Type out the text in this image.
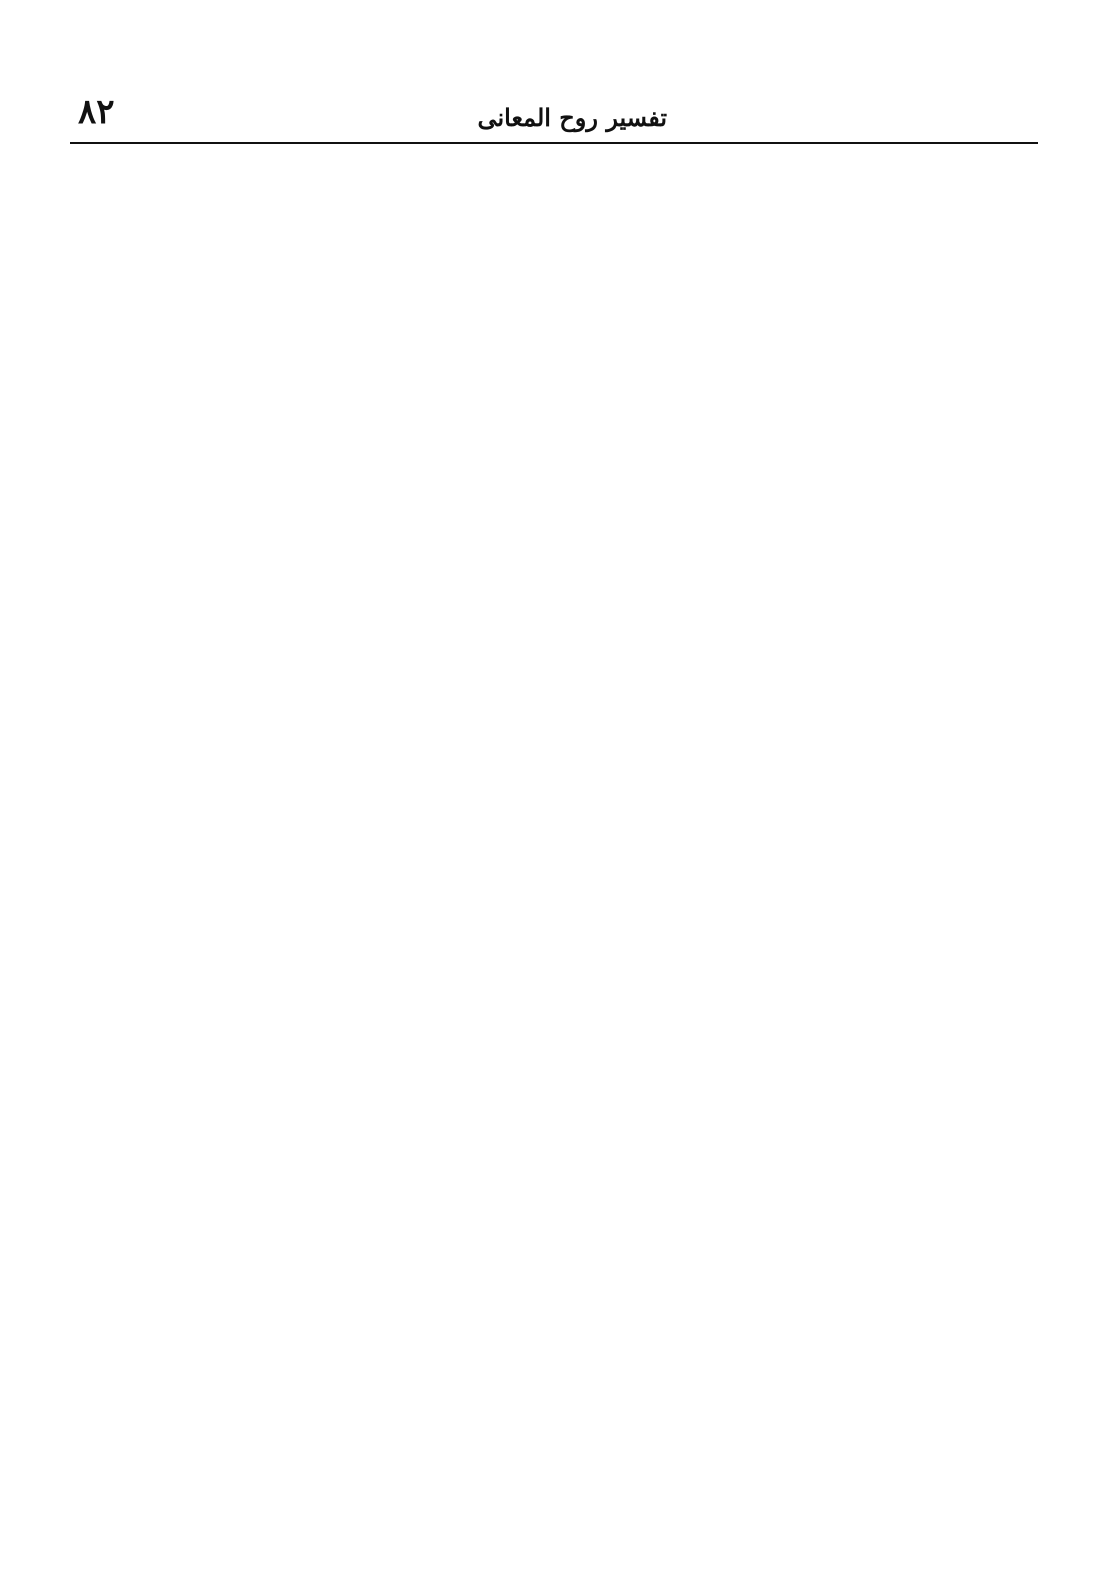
تفسير روح المعانى
٨٢
